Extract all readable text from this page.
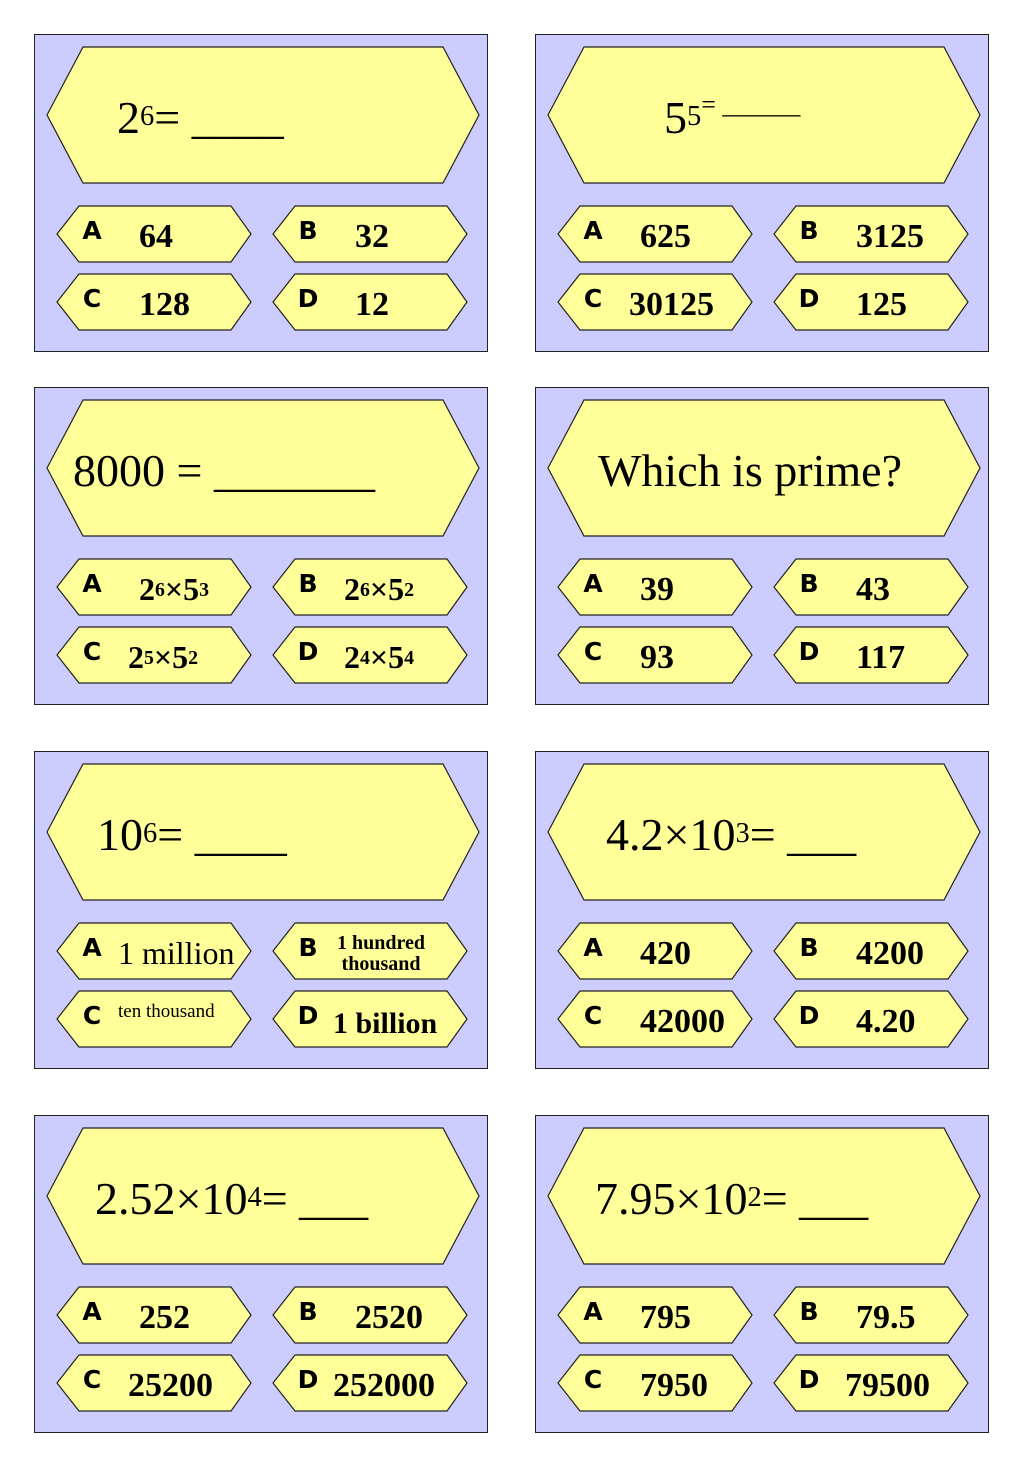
2 6 = ____
A 64	B 32
C 128	D 12
5 5 = ______
A 625	B 3125
C 30125	D 125
8000 = _______
A 2 6 ×5 3	B 2 6 ×5 2
C 2 5 ×5 2	D 2 4 ×5 4
Which is prime?
A 39	B 43
C 93	D 117
10 6 = ____
A 1 million	B 1 hundred
thousand
C ten thousand	D 1 billion
4.2×10 3 = ___
A 420	B 4200
C 42000	D 4.20
2.52×10 4 = ___
A 252	B 2520
C 25200	D 252000
7.95×10 2 = ___
A 795	B 79.5
C 7950	D 79500
